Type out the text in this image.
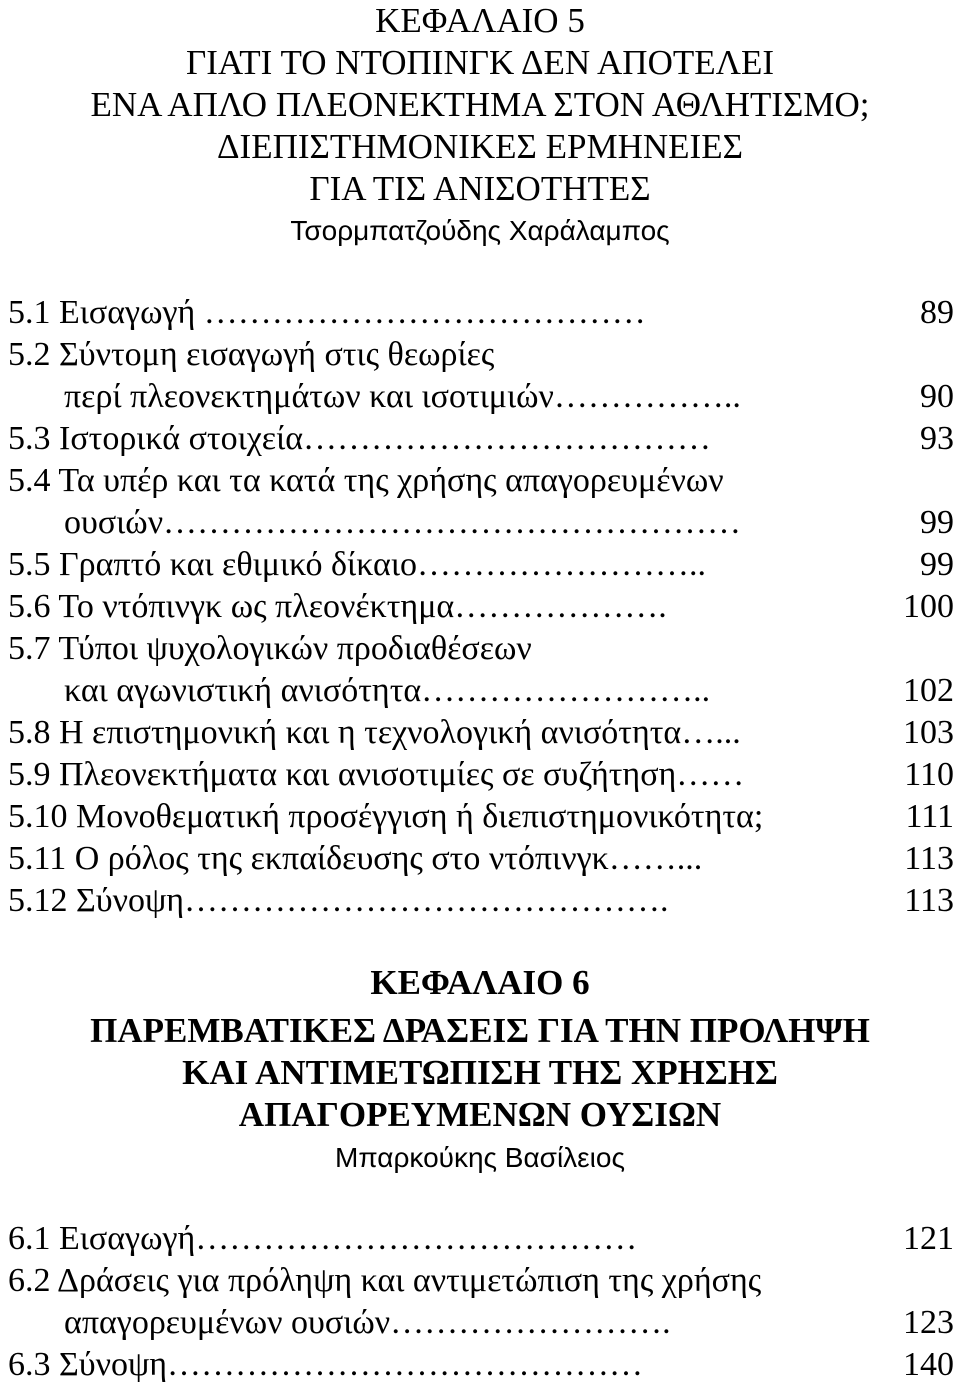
ΚΕΦΑΛΑΙΟ 5
ΓΙΑΤΙ ΤΟ ΝΤΟΠΙΝΓΚ ΔΕΝ ΑΠΟΤΕΛΕΙ
ΕΝΑ ΑΠΛΟ ΠΛΕΟΝΕΚΤΗΜΑ ΣΤΟΝ ΑΘΛΗΤΙΣΜΟ;
ΔΙΕΠΙΣΤΗΜΟΝΙΚΕΣ ΕΡΜΗΝΕΙΕΣ
ΓΙΑ ΤΙΣ ΑΝΙΣΟΤΗΤΕΣ
Τσορμπατζούδης Χαράλαμπος
5.1 Εισαγωγή …………………………………	89
5.2 Σύντομη εισαγωγή στις θεωρίες
περί πλεονεκτημάτων και ισοτιμιών……………..	90
5.3 Ιστορικά στοιχεία………………………………	93
5.4 Τα υπέρ και τα κατά της χρήσης απαγορευμένων
ουσιών……………………………………………	99
5.5 Γραπτό και εθιμικό δίκαιο……………………..	99
5.6 Το ντόπινγκ ως πλεονέκτημα……………….	100
5.7 Τύποι ψυχολογικών προδιαθέσεων
και αγωνιστική ανισότητα……………………..	102
5.8 Η επιστημονική και η τεχνολογική ανισότητα…...	103
5.9 Πλεονεκτήματα και ανισοτιμίες σε συζήτηση……	110
5.10 Μονοθεματική προσέγγιση ή διεπιστημονικότητα;	111
5.11 Ο ρόλος της εκπαίδευσης στο ντόπινγκ……...	113
5.12 Σύνοψη…………………………………….	113
ΚΕΦΑΛΑΙΟ 6
ΠΑΡΕΜΒΑΤΙΚΕΣ ΔΡΑΣΕΙΣ ΓΙΑ ΤΗΝ ΠΡΟΛΗΨΗ
ΚΑΙ ΑΝΤΙΜΕΤΩΠΙΣΗ ΤΗΣ ΧΡΗΣΗΣ
ΑΠΑΓΟΡΕΥΜΕΝΩΝ ΟΥΣΙΩΝ
Μπαρκούκης Βασίλειος
6.1 Εισαγωγή…………………………………	121
6.2 Δράσεις για πρόληψη και αντιμετώπιση της χρήσης
απαγορευμένων ουσιών…………………….	123
6.3 Σύνοψη……………………………………	140
